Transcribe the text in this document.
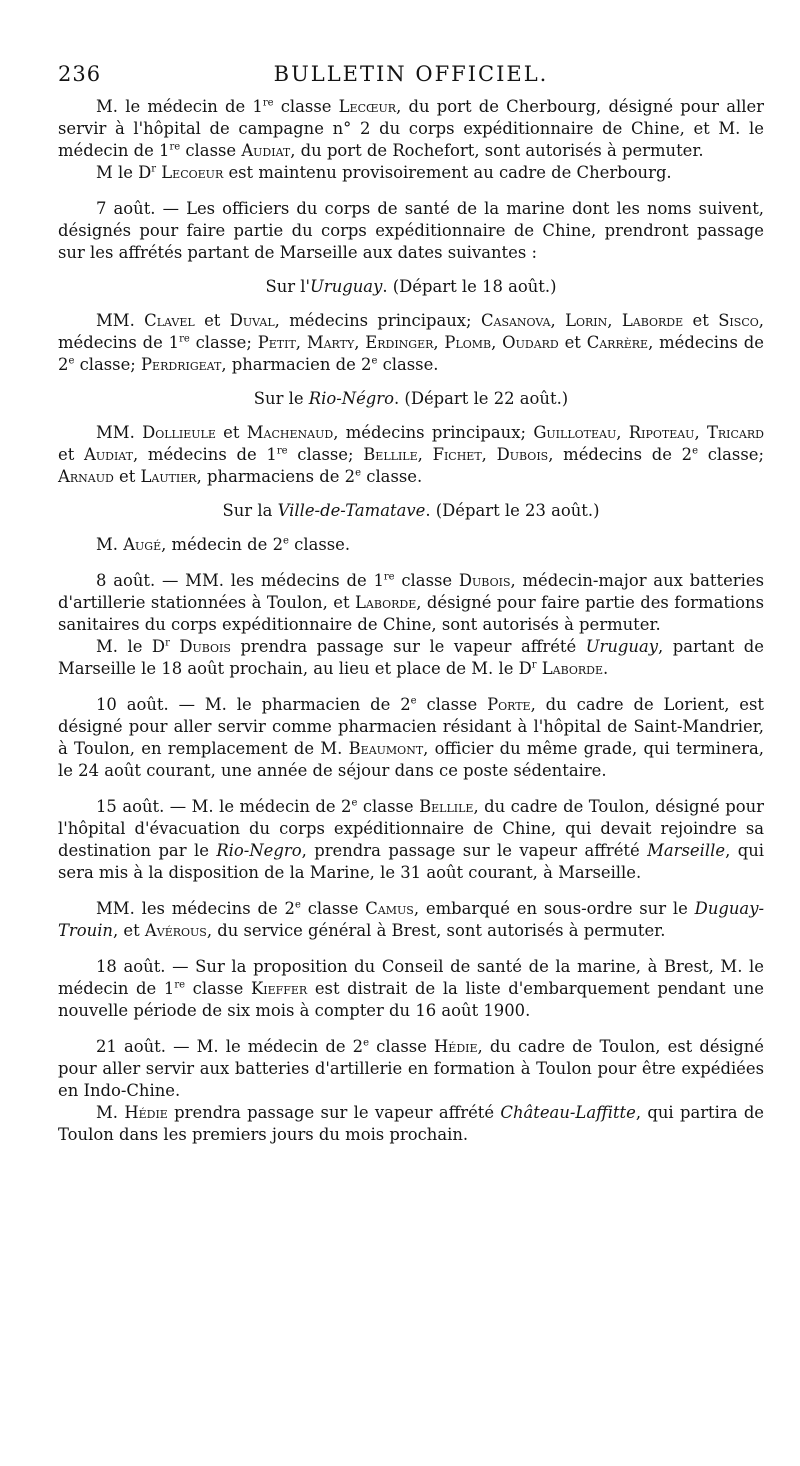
236	BULLETIN OFFICIEL.

M. le médecin de 1re classe Lecœur, du port de Cherbourg, désigné pour aller servir à l'hôpital de campagne n° 2 du corps expéditionnaire de Chine, et M. le médecin de 1re classe Audiat, du port de Rochefort, sont autorisés à permuter.

M le $D^r$ Lecoeur est maintenu provisoirement au cadre de Cherbourg.

7 août. — Les officiers du corps de santé de la marine dont les noms suivent, désignés pour faire partie du corps expéditionnaire de Chine, prendront passage sur les affrétés partant de Marseille aux dates suivantes :

Sur l'Uruguay. (Départ le 18 août.)

MM. Clavel et Duval, médecins principaux; Casanova, Lorin, Laborde et Sisco, médecins de 1re classe; Petit, Marty, Erdinger, Plomb, Oudard et Carrère, médecins de 2e classe; Perdrigeat, pharmacien de 2e classe.

Sur le Rio-Négro. (Départ le 22 août.)

MM. Dollieule et Machenaud, médecins principaux; Guilloteau, Ripoteau, Tricard et Audiat, médecins de 1re classe; Bellile, Fichet, Dubois, médecins de 2e classe; Arnaud et Lautier, pharmaciens de 2e classe.

Sur la Ville-de-Tamatave. (Départ le 23 août.)

M. Augé, médecin de 2e classe.

8 août. — MM. les médecins de 1re classe Dubois, médecin-major aux batteries d'artillerie stationnées à Toulon, et Laborde, désigné pour faire partie des formations sanitaires du corps expéditionnaire de Chine, sont autorisés à permuter.

M. le $D^r$ Dubois prendra passage sur le vapeur affrété Uruguay, partant de Marseille le 18 août prochain, au lieu et place de M. le $D^r$ Laborde.

10 août. — M. le pharmacien de 2e classe Porte, du cadre de Lorient, est désigné pour aller servir comme pharmacien résidant à l'hôpital de Saint-Mandrier, à Toulon, en remplacement de M. Beaumont, officier du même grade, qui terminera, le 24 août courant, une année de séjour dans ce poste sédentaire.

15 août. — M. le médecin de 2e classe Bellile, du cadre de Toulon, désigné pour l'hôpital d'évacuation du corps expéditionnaire de Chine, qui devait rejoindre sa destination par le Rio-Negro, prendra passage sur le vapeur affrété Marseille, qui sera mis à la disposition de la Marine, le 31 août courant, à Marseille.

MM. les médecins de 2e classe Camus, embarqué en sous-ordre sur le Duguay-Trouin, et Avérous, du service général à Brest, sont autorisés à permuter.

18 août. — Sur la proposition du Conseil de santé de la marine, à Brest, M. le médecin de 1re classe Kieffer est distrait de la liste d'embarquement pendant une nouvelle période de six mois à compter du 16 août 1900.

21 août. — M. le médecin de 2e classe Hédie, du cadre de Toulon, est désigné pour aller servir aux batteries d'artillerie en formation à Toulon pour être expédiées en Indo-Chine.

M. Hédie prendra passage sur le vapeur affrété Château-Laffitte, qui partira de Toulon dans les premiers jours du mois prochain.
